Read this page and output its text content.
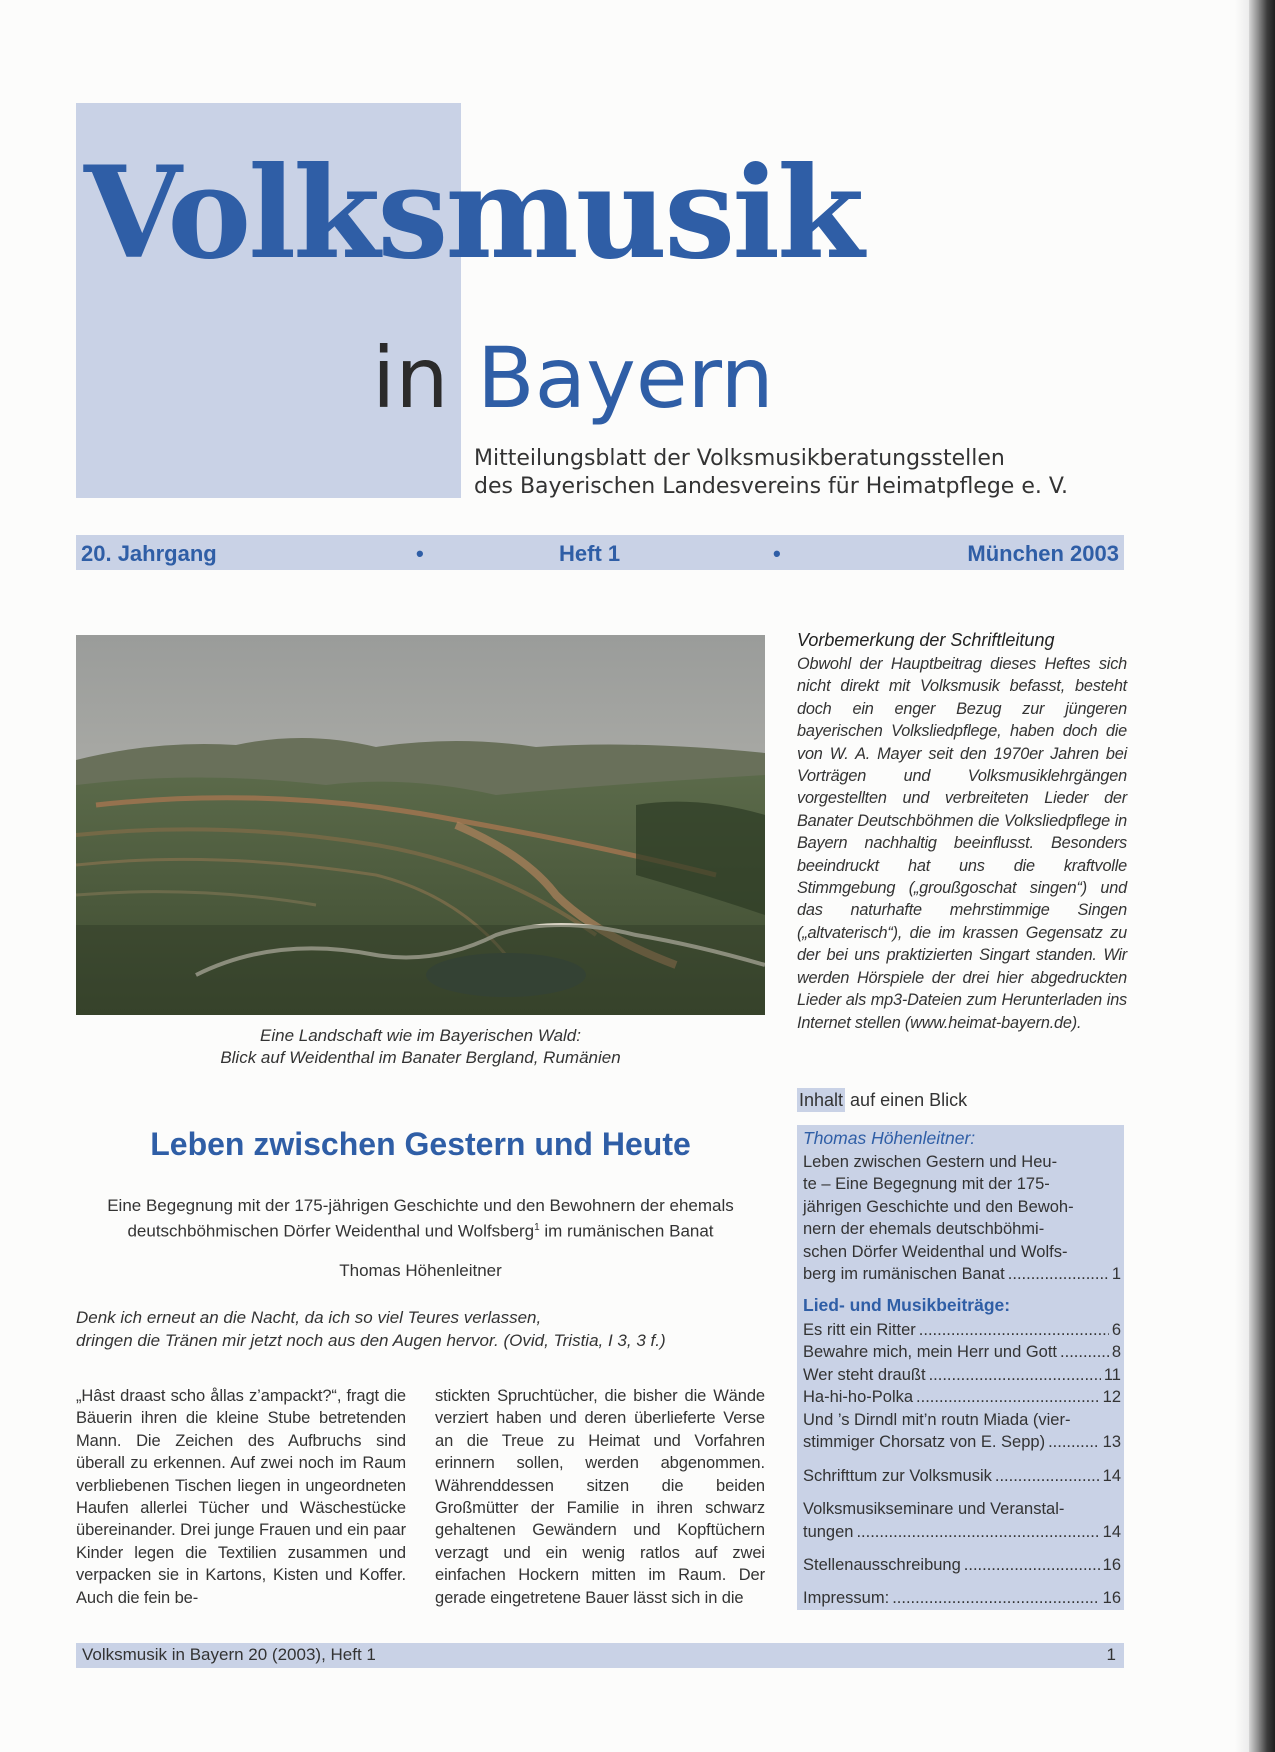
Volksmusik
in Bayern
Mitteilungsblatt der Volksmusikberatungsstellen
des Bayerischen Landesvereins für Heimatpflege e. V.
20. Jahrgang	•	Heft 1	•	München 2003
Eine Landschaft wie im Bayerischen Wald:
Blick auf Weidenthal im Banater Bergland, Rumänien
Vorbemerkung der Schriftleitung
Obwohl der Hauptbeitrag dieses Heftes sich nicht direkt mit Volksmusik befasst, besteht doch ein enger Bezug zur jüngeren bayerischen Volksliedpflege, haben doch die von W. A. Mayer seit den 1970er Jahren bei Vorträgen und Volksmusiklehrgängen vorgestellten und verbreiteten Lieder der Banater Deutschböhmen die Volksliedpflege in Bayern nachhaltig beeinflusst. Besonders beeindruckt hat uns die kraftvolle Stimmgebung („groußgoschat singen“) und das naturhafte mehrstimmige Singen („altvaterisch“), die im krassen Gegensatz zu der bei uns praktizierten Singart standen. Wir werden Hörspiele der drei hier abgedruckten Lieder als mp3-Dateien zum Herunterladen ins Internet stellen (www.heimat-bayern.de).
Leben zwischen Gestern und Heute
Eine Begegnung mit der 175-jährigen Geschichte und den Bewohnern der ehemals
deutschböhmischen Dörfer Weidenthal und Wolfsberg$^1$ im rumänischen Banat
Thomas Höhenleitner
Denk ich erneut an die Nacht, da ich so viel Teures verlassen,
dringen die Tränen mir jetzt noch aus den Augen hervor. (Ovid, Tristia, I 3, 3 f.)
„Hâst draast scho ållas z’ampackt?“, fragt die Bäuerin ihren die kleine Stube betretenden Mann. Die Zeichen des Aufbruchs sind überall zu erkennen. Auf zwei noch im Raum verbliebenen Tischen liegen in ungeordneten Haufen allerlei Tücher und Wäschestücke übereinander. Drei junge Frauen und ein paar Kinder legen die Textilien zusammen und verpacken sie in Kartons, Kisten und Koffer. Auch die fein be-
stickten Spruchtücher, die bisher die Wände verziert haben und deren überlieferte Verse an die Treue zu Heimat und Vorfahren erinnern sollen, werden abgenommen. Währenddessen sitzen die beiden Großmütter der Familie in ihren schwarz gehaltenen Gewändern und Kopftüchern verzagt und ein wenig ratlos auf zwei einfachen Hockern mitten im Raum. Der gerade eingetretene Bauer lässt sich in die
Inhalt auf einen Blick
Thomas Höhenleitner:
Leben zwischen Gestern und Heu-
te – Eine Begegnung mit der 175-
jährigen Geschichte und den Bewoh-
nern der ehemals deutschböhmi-
schen Dörfer Weidenthal und Wolfs-
berg im rumänischen Banat .....	1
Lied- und Musikbeiträge:
Es ritt ein Ritter .....	6
Bewahre mich, mein Herr und Gott .....	8
Wer steht draußt .....	11
Ha-hi-ho-Polka .....	12
Und ’s Dirndl mit’n routn Miada (vier-
stimmiger Chorsatz von E. Sepp) .....	13
Schrifttum zur Volksmusik .....	14
Volksmusikseminare und Veranstal-
tungen .....	14
Stellenausschreibung .....	16
Impressum: .....	16
Volksmusik in Bayern 20 (2003), Heft 1	1
